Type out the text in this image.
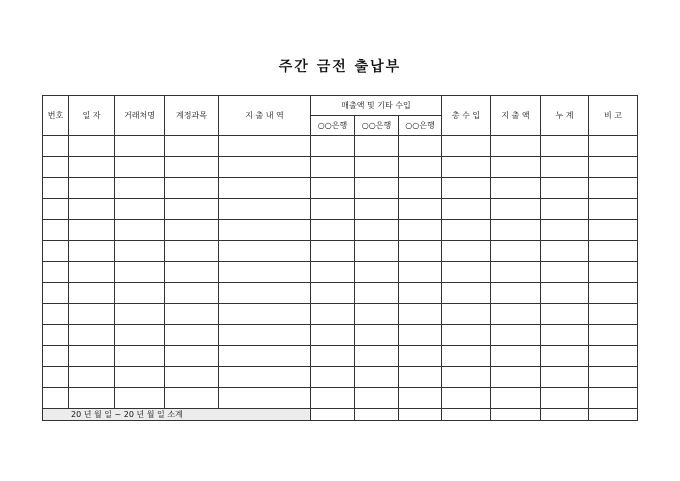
주간 금전 출납부
번호	일 자	거래처명	계정과목	지 출 내 역	매출액 및 기타 수입			총 수 입	지 출 액	누 계	비 고
					○○은행	○○은행	○○은행				

20 년 월 일 ~ 20 년 월 일 소계											
